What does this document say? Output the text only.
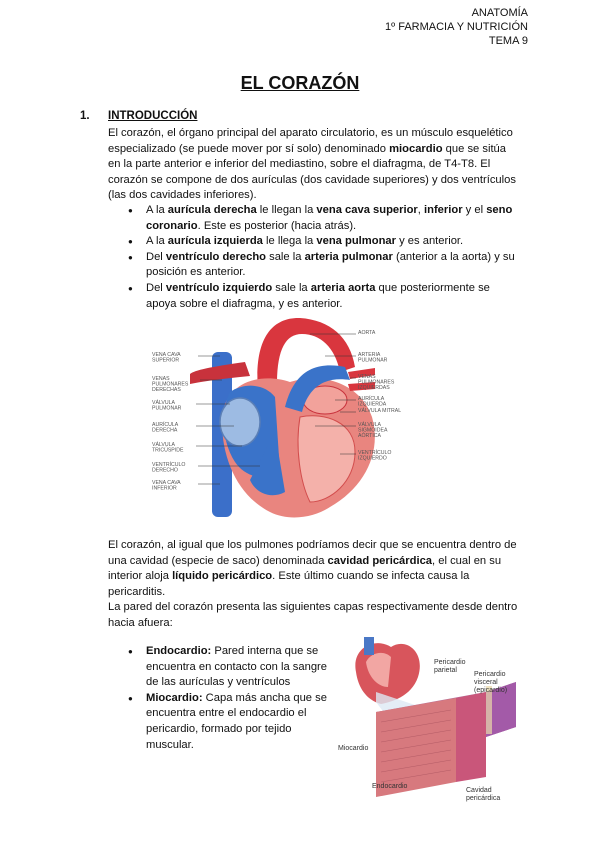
ANATOMÍA
1º FARMACIA Y NUTRICIÓN
TEMA 9
EL CORAZÓN
1. INTRODUCCIÓN

El corazón, el órgano principal del aparato circulatorio, es un músculo esquelético especializado (se puede mover por sí solo) denominado miocardio que se sitúa en la parte anterior e inferior del mediastino, sobre el diafragma, de T4-T8. El corazón se compone de dos aurículas (dos cavidade superiores) y dos ventrículos (las dos cavidades inferiores).

● A la aurícula derecha le llegan la vena cava superior, inferior y el seno coronario. Este es posterior (hacia atrás).
● A la aurícula izquierda le llega la vena pulmonar y es anterior.
● Del ventrículo derecho sale la arteria pulmonar (anterior a la aorta) y su posición es anterior.
● Del ventrículo izquierdo sale la arteria aorta que posteriormente se apoya sobre el diafragma, y es anterior.
VENA CAVA SUPERIOR
VENAS PULMONARES DERECHAS
VÁLVULA PULMONAR
AURÍCULA DERECHA
VÁLVULA TRICÚSPIDE
VENTRÍCULO DERECHO
VENA CAVA INFERIOR
AORTA
ARTERIA PULMONAR
VENAS PULMONARES IZQUIERDAS
AURÍCULA IZQUIERDA
VÁLVULA MITRAL
VÁLVULA SIGMOIDEA AÓRTICA
VENTRÍCULO IZQUIERDO

El corazón, al igual que los pulmones podríamos decir que se encuentra dentro de una cavidad (especie de saco) denominada cavidad pericárdica, el cual en su interior aloja líquido pericárdico. Este último cuando se infecta causa la pericarditis.

La pared del corazón presenta las siguientes capas respectivamente desde dentro hacia afuera:

● Endocardio: Pared interna que se encuentra en contacto con la sangre de las aurículas y ventrículos
● Miocardio: Capa más ancha que se encuentra entre el endocardio el pericardio, formado por tejido muscular.
Pericardio parietal
Pericardio visceral (epicardio)
Miocardio
Endocardio
Cavidad pericárdica
